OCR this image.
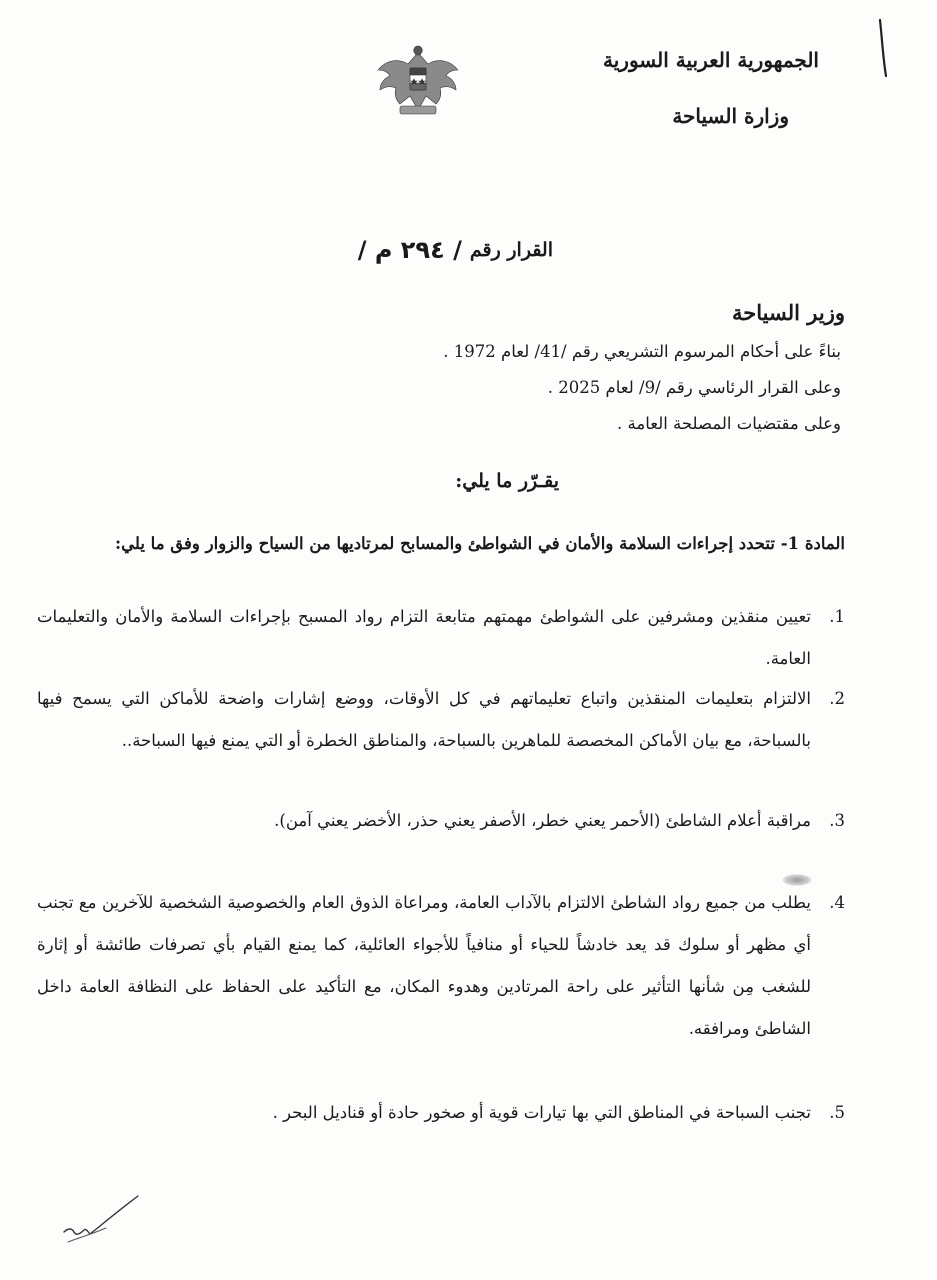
الجمهورية العربية السورية
وزارة السياحة
القرار رقم
/ ٢٩٤ م /
وزير السياحة
بناءً على أحكام المرسوم التشريعي رقم /41/ لعام 1972 .
وعلى القرار الرئاسي رقم /9/ لعام 2025 .
وعلى مقتضيات المصلحة العامة .
يقـرّر ما يلي:
المادة 1- تتحدد إجراءات السلامة والأمان في الشواطئ والمسابح لمرتاديها من السياح والزوار وفق ما يلي:
1.
تعيين منقذين ومشرفين على الشواطئ مهمتهم متابعة التزام رواد المسبح بإجراءات السلامة والأمان والتعليمات العامة.
2.
الالتزام بتعليمات المنقذين واتباع تعليماتهم في كل الأوقات، ووضع إشارات واضحة للأماكن التي يسمح فيها بالسباحة، مع بيان الأماكن المخصصة للماهرين بالسباحة، والمناطق الخطرة أو التي يمنع فيها السباحة..
3.
مراقبة أعلام الشاطئ (الأحمر يعني خطر، الأصفر يعني حذر، الأخضر يعني آمن).
4.
يطلب من جميع رواد الشاطئ الالتزام بالآداب العامة، ومراعاة الذوق العام والخصوصية الشخصية للآخرين مع تجنب أي مظهر أو سلوك قد يعد خادشاً للحياء أو منافياً للأجواء العائلية، كما يمنع القيام بأي تصرفات طائشة أو إثارة للشغب مِن شأنها التأثير على راحة المرتادين وهدوء المكان، مع التأكيد على الحفاظ على النظافة العامة داخل الشاطئ ومرافقه.
5.
تجنب السباحة في المناطق التي بها تيارات قوية أو صخور حادة أو قناديل البحر .
